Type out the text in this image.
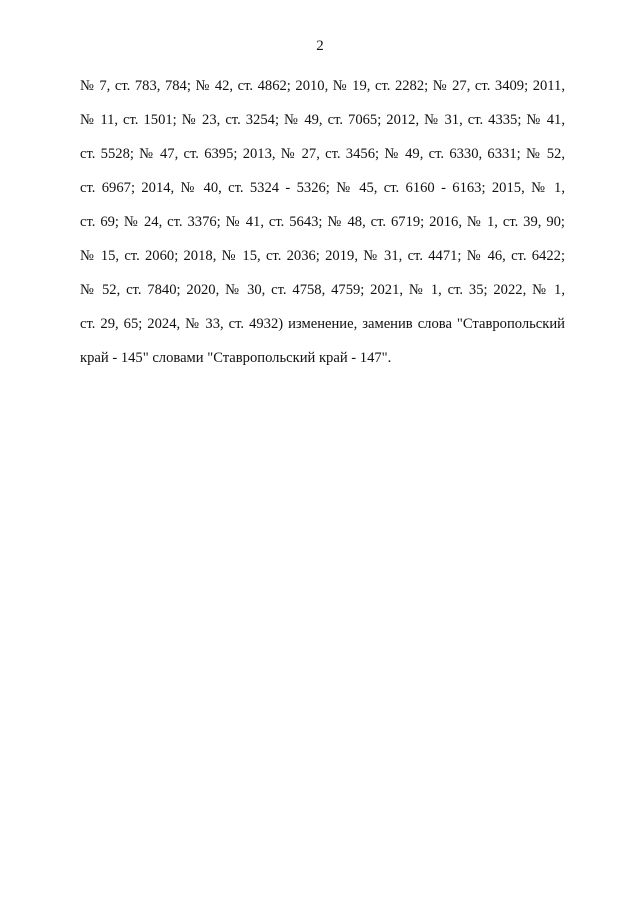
2
№ 7, ст. 783, 784; № 42, ст. 4862; 2010, № 19, ст. 2282; № 27, ст. 3409; 2011,
№ 11, ст. 1501; № 23, ст. 3254; № 49, ст. 7065; 2012, № 31, ст. 4335; № 41,
ст. 5528; № 47, ст. 6395; 2013, № 27, ст. 3456; № 49, ст. 6330, 6331; № 52,
ст. 6967; 2014, № 40, ст. 5324 - 5326; № 45, ст. 6160 - 6163; 2015, № 1,
ст. 69; № 24, ст. 3376; № 41, ст. 5643; № 48, ст. 6719; 2016, № 1, ст. 39, 90;
№ 15, ст. 2060; 2018, № 15, ст. 2036; 2019, № 31, ст. 4471; № 46, ст. 6422;
№ 52, ст. 7840; 2020, № 30, ст. 4758, 4759; 2021, № 1, ст. 35; 2022, № 1,
ст. 29, 65; 2024, № 33, ст. 4932) изменение, заменив слова "Ставропольский
край - 145" словами "Ставропольский край - 147".
